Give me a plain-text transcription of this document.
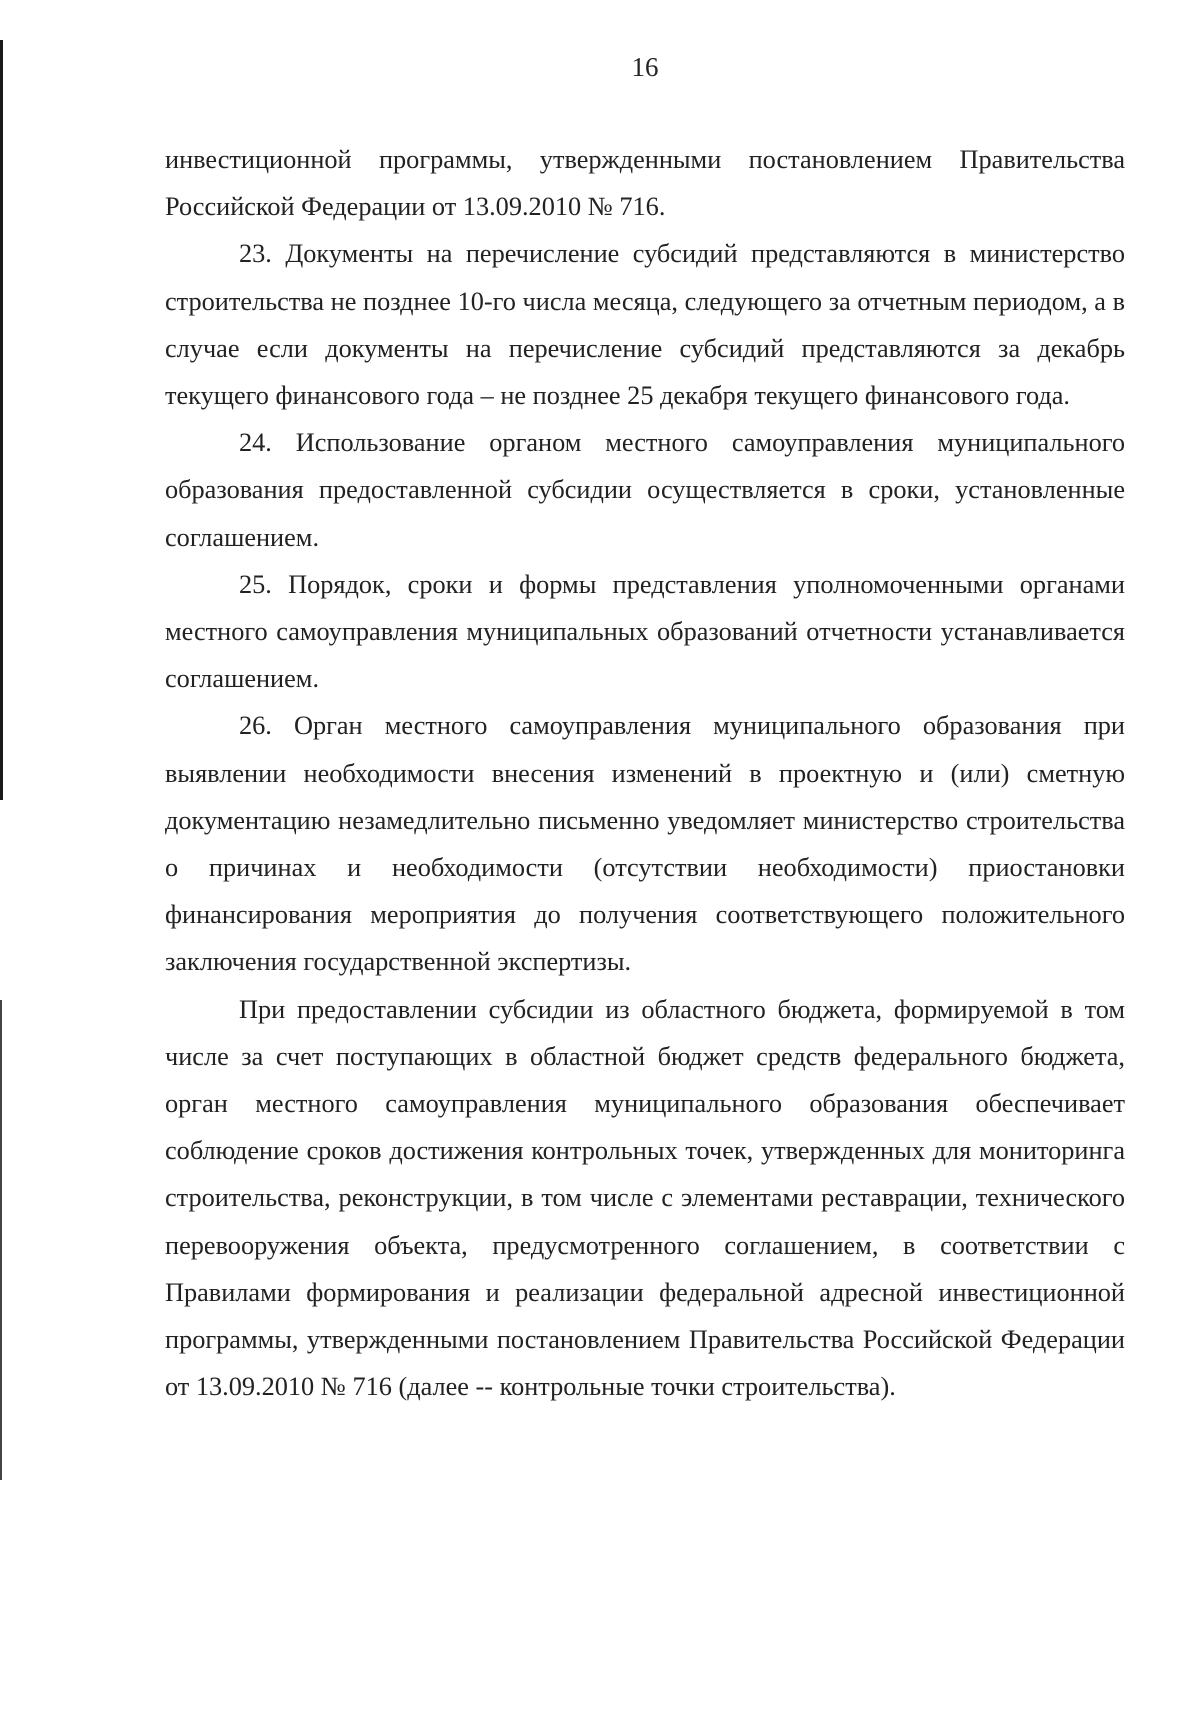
16

инвестиционной программы, утвержденными постановлением Правительства Российской Федерации от 13.09.2010 № 716.

23. Документы на перечисление субсидий представляются в министерство строительства не позднее 10-го числа месяца, следующего за отчетным периодом, а в случае если документы на перечисление субсидий представляются за декабрь текущего финансового года – не позднее 25 декабря текущего финансового года.

24. Использование органом местного самоуправления муниципального образования предоставленной субсидии осуществляется в сроки, установленные соглашением.

25. Порядок, сроки и формы представления уполномоченными органами местного самоуправления муниципальных образований отчетности устанавливается соглашением.

26. Орган местного самоуправления муниципального образования при выявлении необходимости внесения изменений в проектную и (или) сметную документацию незамедлительно письменно уведомляет министерство строительства о причинах и необходимости (отсутствии необходимости) приостановки финансирования мероприятия до получения соответствующего положительного заключения государственной экспертизы.

При предоставлении субсидии из областного бюджета, формируемой в том числе за счет поступающих в областной бюджет средств федерального бюджета, орган местного самоуправления муниципального образования обеспечивает соблюдение сроков достижения контрольных точек, утвержденных для мониторинга строительства, реконструкции, в том числе с элементами реставрации, технического перевооружения объекта, предусмотренного соглашением, в соответствии с Правилами формирования и реализации федеральной адресной инвестиционной программы, утвержденными постановлением Правительства Российской Федерации от 13.09.2010 № 716 (далее -- контрольные точки строительства).
